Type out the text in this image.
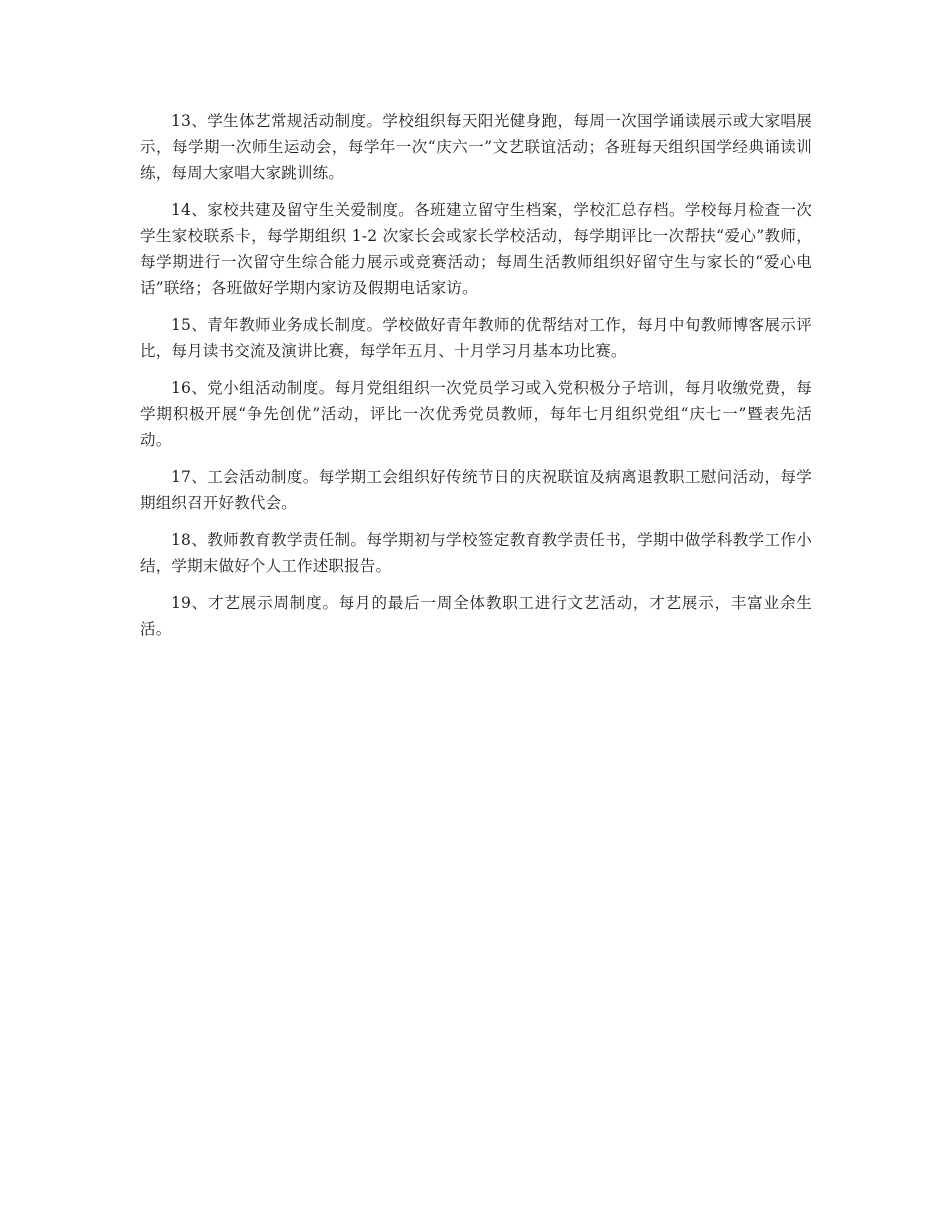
13、学生体艺常规活动制度。学校组织每天阳光健身跑，每周一次国学诵读展示或大家唱展示，每学期一次师生运动会，每学年一次“庆六一”文艺联谊活动；各班每天组织国学经典诵读训练，每周大家唱大家跳训练。

14、家校共建及留守生关爱制度。各班建立留守生档案，学校汇总存档。学校每月检查一次学生家校联系卡，每学期组织 1-2 次家长会或家长学校活动，每学期评比一次帮扶“爱心”教师，每学期进行一次留守生综合能力展示或竞赛活动；每周生活教师组织好留守生与家长的“爱心电话”联络；各班做好学期内家访及假期电话家访。

15、青年教师业务成长制度。学校做好青年教师的优帮结对工作，每月中旬教师博客展示评比，每月读书交流及演讲比赛，每学年五月、十月学习月基本功比赛。

16、党小组活动制度。每月党组组织一次党员学习或入党积极分子培训，每月收缴党费，每学期积极开展“争先创优”活动，评比一次优秀党员教师，每年七月组织党组“庆七一”暨表先活动。

17、工会活动制度。每学期工会组织好传统节日的庆祝联谊及病离退教职工慰问活动，每学期组织召开好教代会。

18、教师教育教学责任制。每学期初与学校签定教育教学责任书，学期中做学科教学工作小结，学期末做好个人工作述职报告。

19、才艺展示周制度。每月的最后一周全体教职工进行文艺活动，才艺展示，丰富业余生活。
